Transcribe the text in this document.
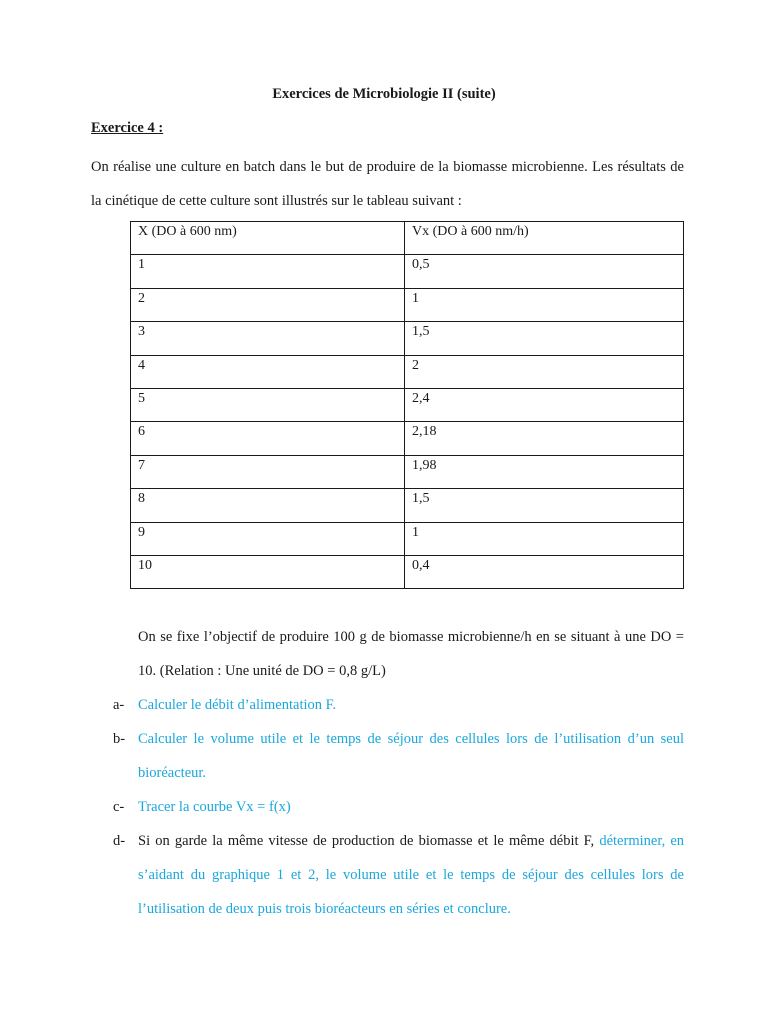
Exercices de Microbiologie II (suite)
Exercice 4 :
On réalise une culture en batch dans le but de produire de la biomasse microbienne. Les résultats de la cinétique de cette culture sont illustrés sur le tableau suivant :
X (DO à 600 nm)	Vx (DO à 600 nm/h)
1	0,5
2	1
3	1,5
4	2
5	2,4
6	2,18
7	1,98
8	1,5
9	1
10	0,4
On se fixe l’objectif de produire 100 g de biomasse microbienne/h en se situant à une DO = 10. (Relation : Une unité de DO = 0,8 g/L)
a- Calculer le débit d’alimentation F.
b- Calculer le volume utile et le temps de séjour des cellules lors de l’utilisation d’un seul bioréacteur.
c- Tracer la courbe Vx = f(x)
d- Si on garde la même vitesse de production de biomasse et le même débit F, déterminer, en s’aidant du graphique 1 et 2, le volume utile et le temps de séjour des cellules lors de l’utilisation de deux puis trois bioréacteurs en séries et conclure.
